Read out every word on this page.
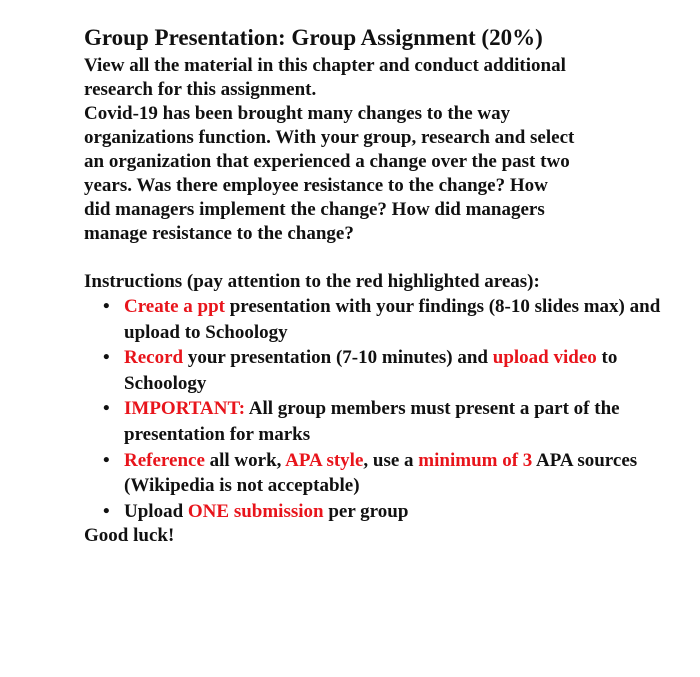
Group Presentation: Group Assignment (20%)

View all the material in this chapter and conduct additional
research for this assignment.

Covid-19 has been brought many changes to the way
organizations function. With your group, research and select
an organization that experienced a change over the past two
years. Was there employee resistance to the change? How
did managers implement the change? How did managers
manage resistance to the change?

Instructions (pay attention to the red highlighted areas):

• Create a ppt presentation with your findings (8-10 slides max) and upload to Schoology
• Record your presentation (7-10 minutes) and upload video to Schoology
• IMPORTANT: All group members must present a part of the presentation for marks
• Reference all work, APA style, use a minimum of 3 APA sources (Wikipedia is not acceptable)
• Upload ONE submission per group

Good luck!
